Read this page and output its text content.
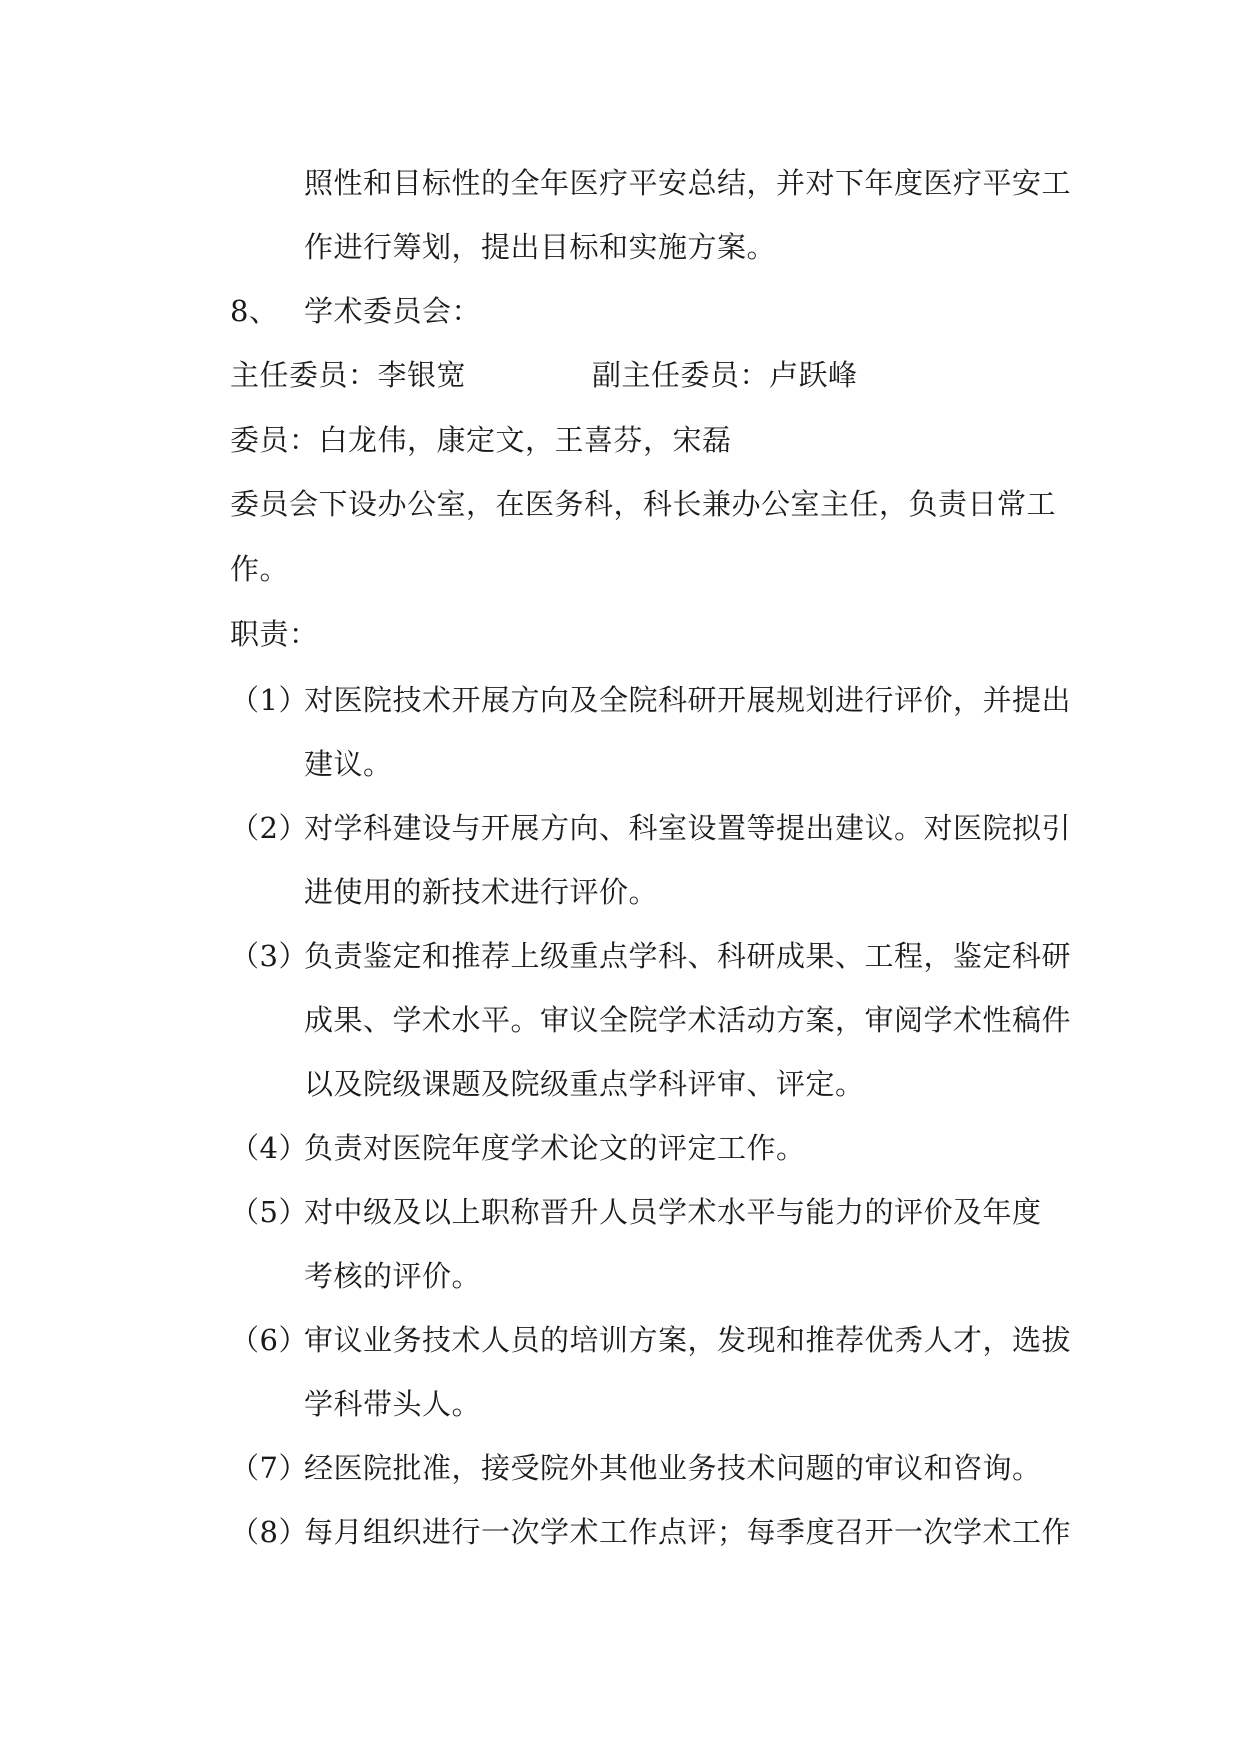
照性和目标性的全年医疗平安总结，并对下年度医疗平安工
作进行筹划，提出目标和实施方案。
8、 学术委员会：
主任委员：李银宽	副主任委员：卢跃峰
委员：白龙伟，康定文，王喜芬，宋磊
委员会下设办公室，在医务科，科长兼办公室主任，负责日常工
作。
职责：
（1）
对医院技术开展方向及全院科研开展规划进行评价，并提出
建议。
（2）
对学科建设与开展方向、科室设置等提出建议。对医院拟引
进使用的新技术进行评价。
（3）
负责鉴定和推荐上级重点学科、科研成果、工程，鉴定科研
成果、学术水平。审议全院学术活动方案，审阅学术性稿件
以及院级课题及院级重点学科评审、评定。
（4）
负责对医院年度学术论文的评定工作。
（5）
对中级及以上职称晋升人员学术水平与能力的评价及年度
考核的评价。
（6）
审议业务技术人员的培训方案，发现和推荐优秀人才，选拔
学科带头人。
（7）
经医院批准，接受院外其他业务技术问题的审议和咨询。
（8）
每月组织进行一次学术工作点评；每季度召开一次学术工作
